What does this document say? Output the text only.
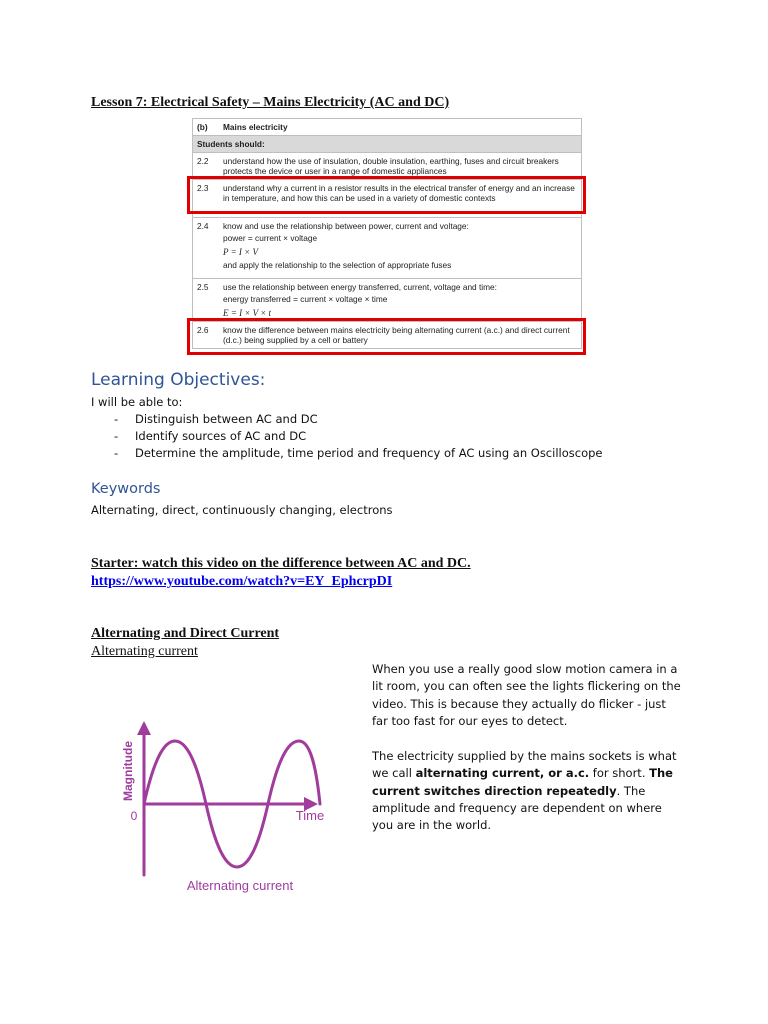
Lesson 7: Electrical Safety – Mains Electricity (AC and DC)
(b)	Mains electricity
Students should:
2.2	understand how the use of insulation, double insulation, earthing, fuses and circuit breakers protects the device or user in a range of domestic appliances
2.3	understand why a current in a resistor results in the electrical transfer of energy and an increase in temperature, and how this can be used in a variety of domestic contexts
2.4	know and use the relationship between power, current and voltage:
power = current × voltage
P = I × V
and apply the relationship to the selection of appropriate fuses
2.5	use the relationship between energy transferred, current, voltage and time:
energy transferred = current × voltage × time
E = I × V × t
2.6	know the difference between mains electricity being alternating current (a.c.) and direct current (d.c.) being supplied by a cell or battery
Learning Objectives:
I will be able to:
- Distinguish between AC and DC
- Identify sources of AC and DC
- Determine the amplitude, time period and frequency of AC using an Oscilloscope
Keywords
Alternating, direct, continuously changing, electrons
Starter: watch this video on the difference between AC and DC.
https://www.youtube.com/watch?v=EY_EphcrpDI
Alternating and Direct Current
Alternating current
When you use a really good slow motion camera in a lit room, you can often see the lights flickering on the video. This is because they actually do flicker - just far too fast for our eyes to detect.
The electricity supplied by the mains sockets is what we call alternating current, or a.c. for short. The current switches direction repeatedly. The amplitude and frequency are dependent on where you are in the world.
Magnitude
Time
0
Alternating current
